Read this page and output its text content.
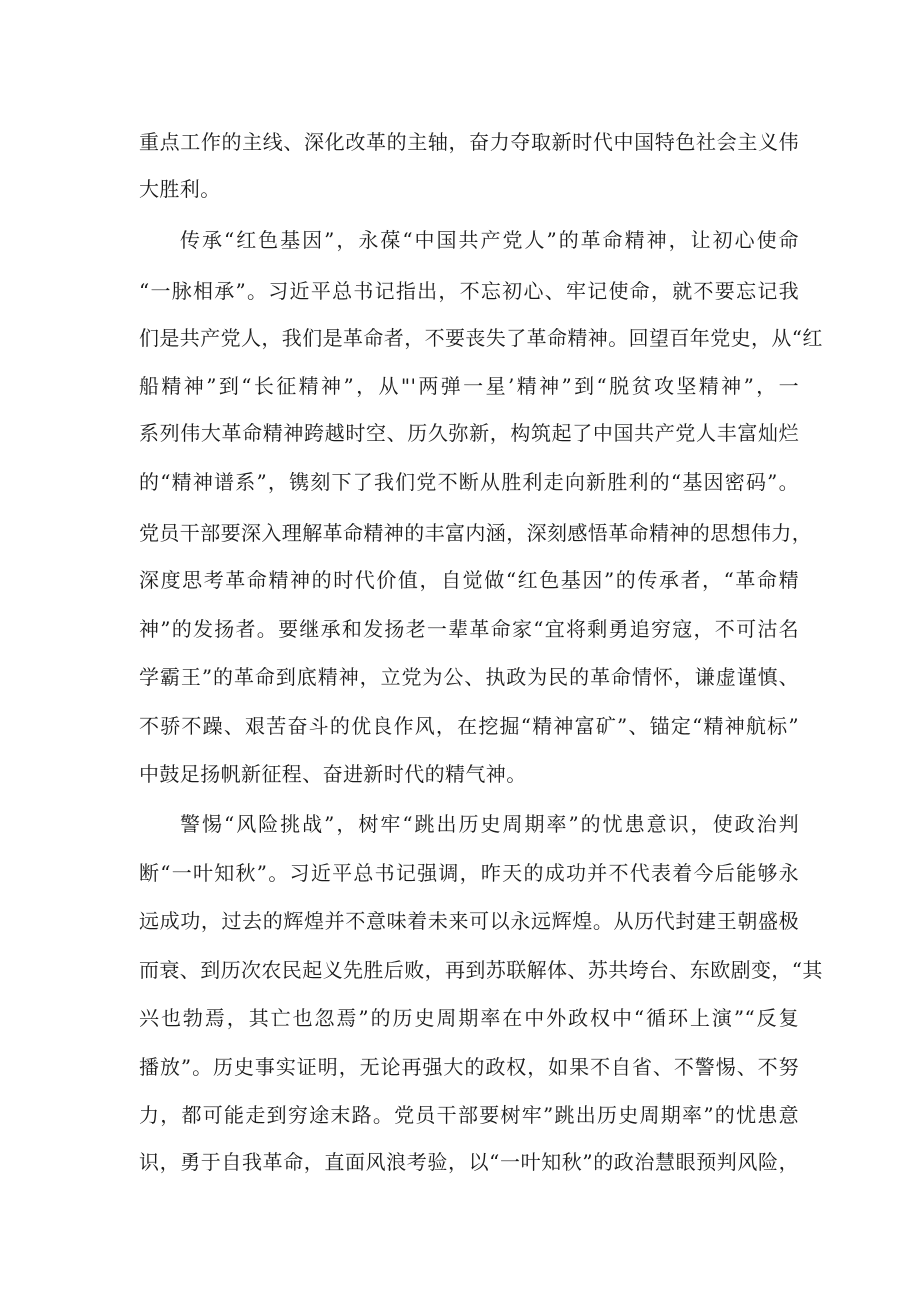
重点工作的主线、深化改革的主轴，奋力夺取新时代中国特色社会主义伟
大胜利。
传承“红色基因”，永葆“中国共产党人”的革命精神，让初心使命
“一脉相承”。习近平总书记指出，不忘初心、牢记使命，就不要忘记我
们是共产党人，我们是革命者，不要丧失了革命精神。回望百年党史，从“红
船精神”到“长征精神”，从"'两弹一星’精神”到“脱贫攻坚精神”，一
系列伟大革命精神跨越时空、历久弥新，构筑起了中国共产党人丰富灿烂
的“精神谱系”，镌刻下了我们党不断从胜利走向新胜利的“基因密码”。
党员干部要深入理解革命精神的丰富内涵，深刻感悟革命精神的思想伟力，
深度思考革命精神的时代价值，自觉做“红色基因”的传承者，“革命精
神”的发扬者。要继承和发扬老一辈革命家“宜将剩勇追穷寇，不可沽名
学霸王”的革命到底精神，立党为公、执政为民的革命情怀，谦虚谨慎、
不骄不躁、艰苦奋斗的优良作风，在挖掘“精神富矿”、锚定“精神航标”
中鼓足扬帆新征程、奋进新时代的精气神。
警惕“风险挑战”，树牢“跳出历史周期率”的忧患意识，使政治判
断“一叶知秋”。习近平总书记强调，昨天的成功并不代表着今后能够永
远成功，过去的辉煌并不意味着未来可以永远辉煌。从历代封建王朝盛极
而衰、到历次农民起义先胜后败，再到苏联解体、苏共垮台、东欧剧变，“其
兴也勃焉，其亡也忽焉”的历史周期率在中外政权中“循环上演”“反复
播放”。历史事实证明，无论再强大的政权，如果不自省、不警惕、不努
力，都可能走到穷途末路。党员干部要树牢”跳出历史周期率”的忧患意
识，勇于自我革命，直面风浪考验，以“一叶知秋”的政治慧眼预判风险，
